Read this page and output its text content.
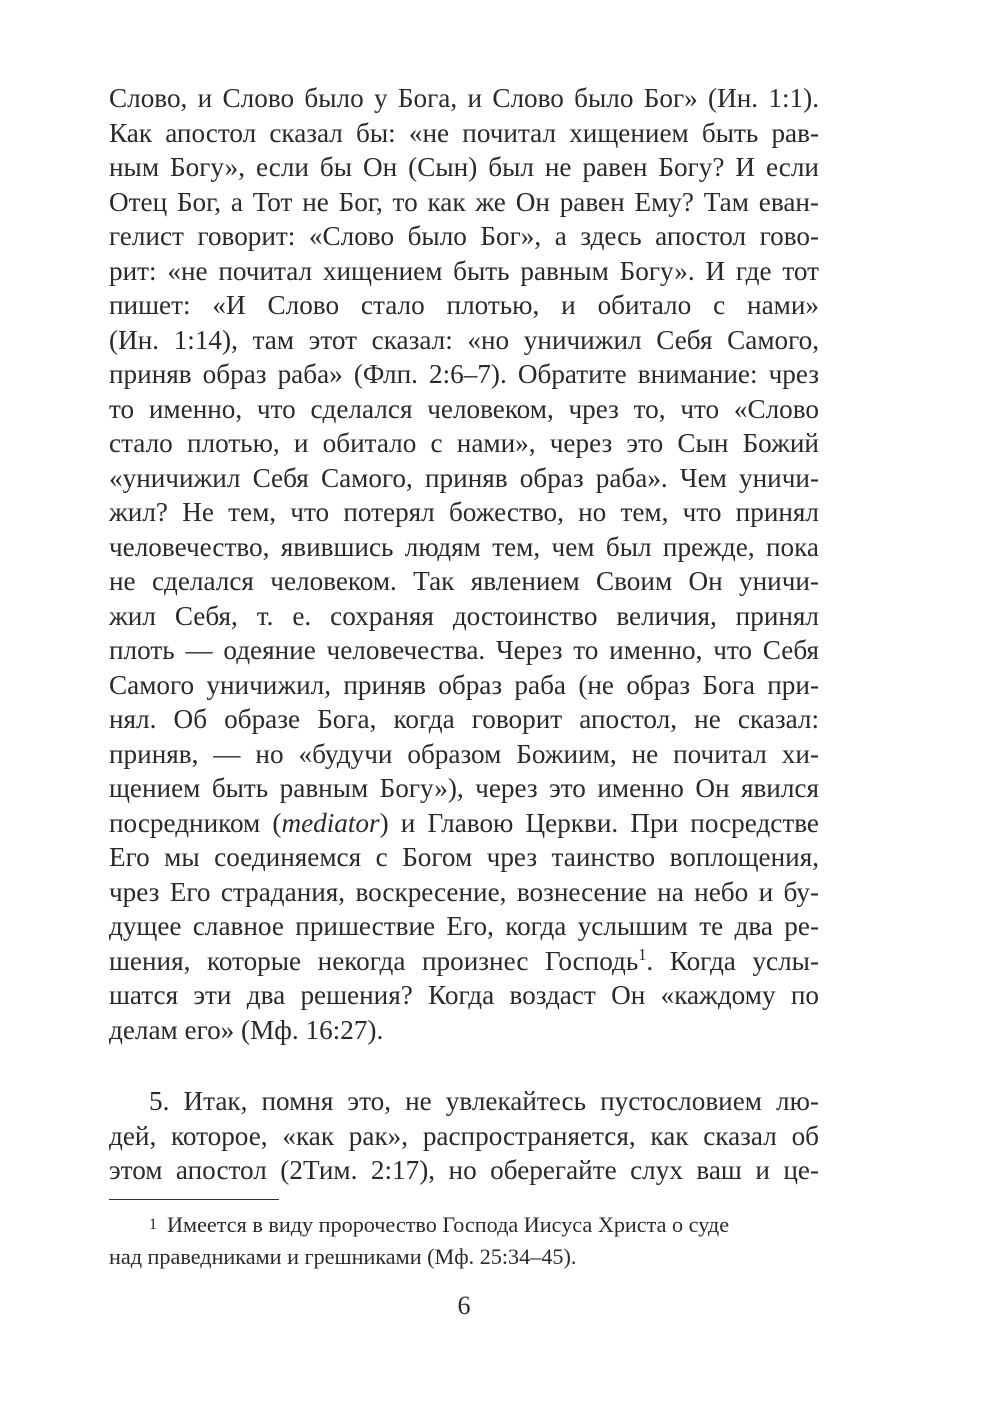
Слово, и Слово было у Бога, и Слово было Бог» (Ин. 1:1).
Как апостол сказал бы: «не почитал хищением быть рав-
ным Богу», если бы Он (Сын) был не равен Богу? И если
Отец Бог, а Тот не Бог, то как же Он равен Ему? Там еван-
гелист говорит: «Слово было Бог», а здесь апостол гово-
рит: «не почитал хищением быть равным Богу». И где тот
пишет: «И Слово стало плотью, и обитало с нами»
(Ин. 1:14), там этот сказал: «но уничижил Себя Самого,
приняв образ раба» (Флп. 2:6–7). Обратите внимание: чрез
то именно, что сделался человеком, чрез то, что «Слово
стало плотью, и обитало с нами», через это Сын Божий
«уничижил Себя Самого, приняв образ раба». Чем уничи-
жил? Не тем, что потерял божество, но тем, что принял
человечество, явившись людям тем, чем был прежде, пока
не сделался человеком. Так явлением Своим Он уничи-
жил Себя, т. е. сохраняя достоинство величия, принял
плоть — одеяние человечества. Через то именно, что Себя
Самого уничижил, приняв образ раба (не образ Бога при-
нял. Об образе Бога, когда говорит апостол, не сказал:
приняв, — но «будучи образом Божиим, не почитал хи-
щением быть равным Богу»), через это именно Он явился
посредником (mediator) и Главою Церкви. При посредстве
Его мы соединяемся с Богом чрез таинство воплощения,
чрез Его страдания, воскресение, вознесение на небо и бу-
дущее славное пришествие Его, когда услышим те два ре-
шения, которые некогда произнес Господь$^1$. Когда услы-
шатся эти два решения? Когда воздаст Он «каждому по
делам его» (Мф. 16:27).
5. Итак, помня это, не увлекайтесь пустословием лю-
дей, которое, «как рак», распространяется, как сказал об
этом апостол (2Тим. 2:17), но оберегайте слух ваш и це-
1 Имеется в виду пророчество Господа Иисуса Христа о суде
над праведниками и грешниками (Мф. 25:34–45).
6
